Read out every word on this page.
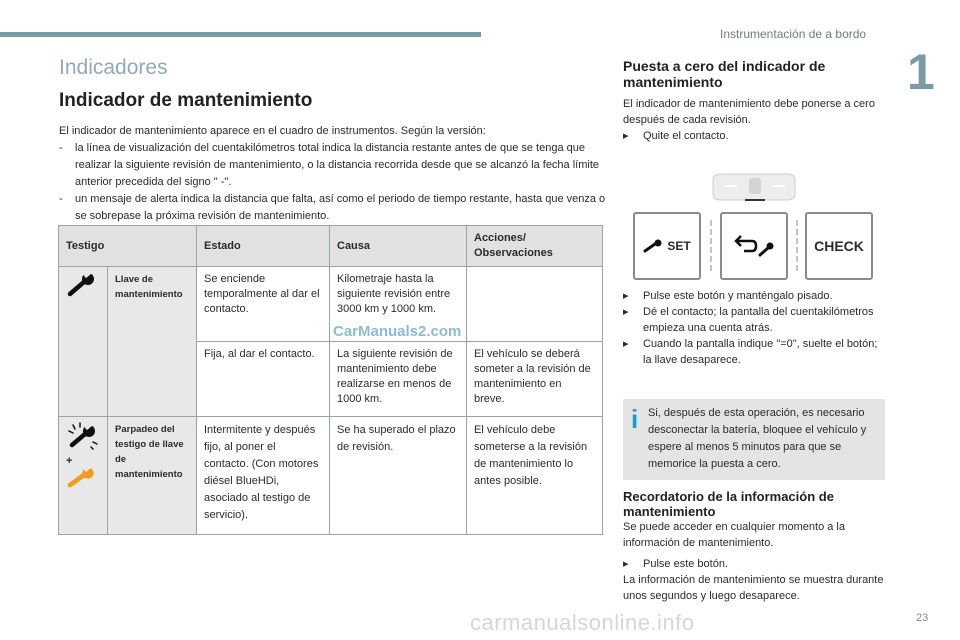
Instrumentación de a bordo
1
Indicadores
Indicador de mantenimiento

El indicador de mantenimiento aparece en el cuadro de instrumentos. Según la versión:

- la línea de visualización del cuentakilómetros total indica la distancia restante antes de que se tenga que realizar la siguiente revisión de mantenimiento, o la distancia recorrida desde que se alcanzó la fecha límite anterior precedida del signo " -".
- un mensaje de alerta indica la distancia que falta, así como el periodo de tiempo restante, hasta que venza o se sobrepase la próxima revisión de mantenimiento.
Testigo		Estado	Causa	Acciones/ Observaciones
	Llave de mantenimiento	Se enciende temporalmente al dar el contacto.	Kilometraje hasta la siguiente revisión entre 3000 km y 1000 km.	
		Fija, al dar el contacto.	La siguiente revisión de mantenimiento debe realizarse en menos de 1000 km.	El vehículo se deberá someter a la revisión de mantenimiento en breve.

+	Parpadeo del testigo de llave de mantenimiento	Intermitente y después fijo, al poner el contacto. (Con motores diésel BlueHDi, asociado al testigo de servicio).	Se ha superado el plazo de revisión.	El vehículo debe someterse a la revisión de mantenimiento lo antes posible.
CarManuals2.com
Puesta a cero del indicador de mantenimiento

El indicador de mantenimiento debe ponerse a cero después de cada revisión.

▸ Quite el contacto.
SET	CHECK
▸ Pulse este botón y manténgalo pisado.
▸ Dé el contacto; la pantalla del cuentakilómetros empieza una cuenta atrás.
▸ Cuando la pantalla indique "=0", suelte el botón; la llave desaparece.
i Si, después de esta operación, es necesario desconectar la batería, bloquee el vehículo y espere al menos 5 minutos para que se memorice la puesta a cero.
Recordatorio de la información de mantenimiento

Se puede acceder en cualquier momento a la información de mantenimiento.

▸ Pulse este botón.

La información de mantenimiento se muestra durante unos segundos y luego desaparece.

carmanualsonline.info	23
